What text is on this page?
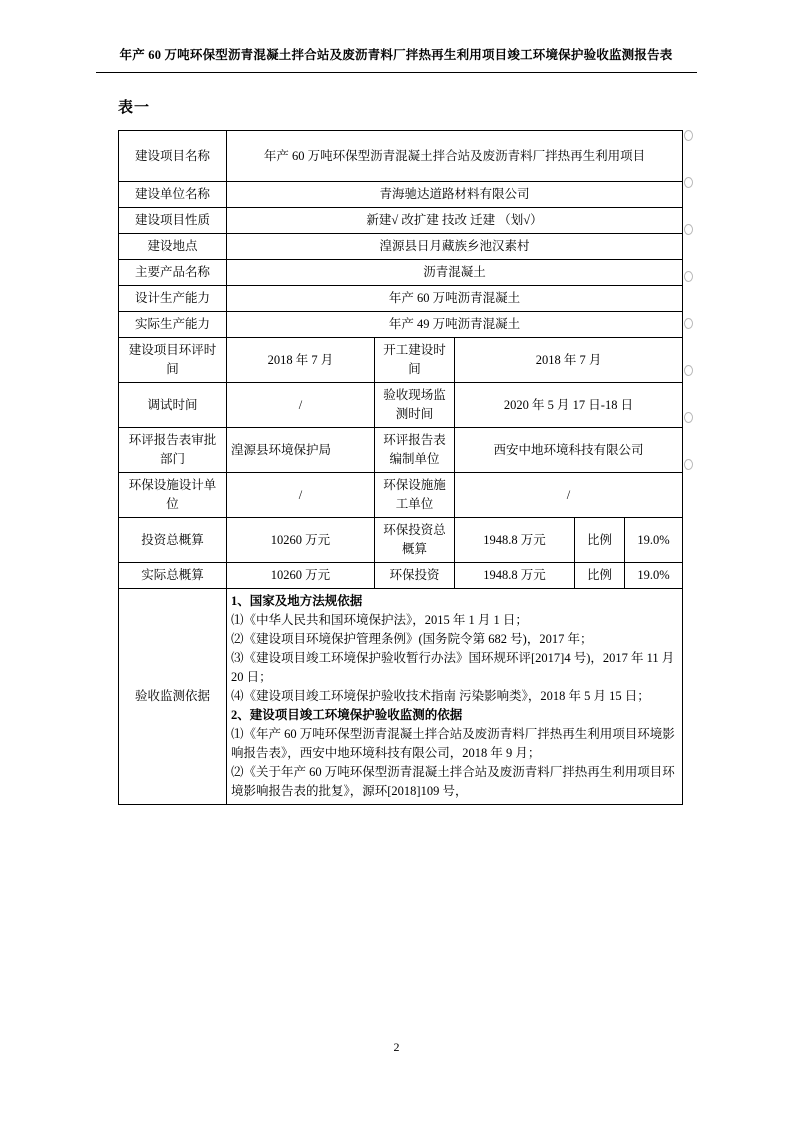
年产 60 万吨环保型沥青混凝土拌合站及废沥青料厂拌热再生利用项目竣工环境保护验收监测报告表
表一
建设项目名称	年产 60 万吨环保型沥青混凝土拌合站及废沥青料厂拌热再生利用项目				
建设单位名称	青海驰达道路材料有限公司				
建设项目性质	新建√ 改扩建 技改 迁建 （划√）				
建设地点	湟源县日月藏族乡池汉素村				
主要产品名称	沥青混凝土				
设计生产能力	年产 60 万吨沥青混凝土				
实际生产能力	年产 49 万吨沥青混凝土				
建设项目环评时间	2018 年 7 月	开工建设时间	2018 年 7 月		
调试时间	/	验收现场监测时间	2020 年 5 月 17 日-18 日		
环评报告表审批部门	湟源县环境保护局	环评报告表编制单位	西安中地环境科技有限公司		
环保设施设计单位	/	环保设施施工单位	/		
投资总概算	10260 万元	环保投资总概算	1948.8 万元	比例	19.0%
实际总概算	10260 万元	环保投资	1948.8 万元	比例	19.0%
验收监测依据	

1、国家及地方法规依据

⑴《中华人民共和国环境保护法》，2015 年 1 月 1 日；

⑵《建设项目环境保护管理条例》(国务院令第 682 号)，2017 年；

⑶《建设项目竣工环境保护验收暂行办法》国环规环评[2017]4 号)，2017 年 11 月 20 日；

⑷《建设项目竣工环境保护验收技术指南 污染影响类》，2018 年 5 月 15 日；

2、建设项目竣工环境保护验收监测的依据

⑴《年产 60 万吨环保型沥青混凝土拌合站及废沥青料厂拌热再生利用项目环境影响报告表》，西安中地环境科技有限公司，2018 年 9 月；

⑵《关于年产 60 万吨环保型沥青混凝土拌合站及废沥青料厂拌热再生利用项目环境影响报告表的批复》，源环[2018]109 号，

2
